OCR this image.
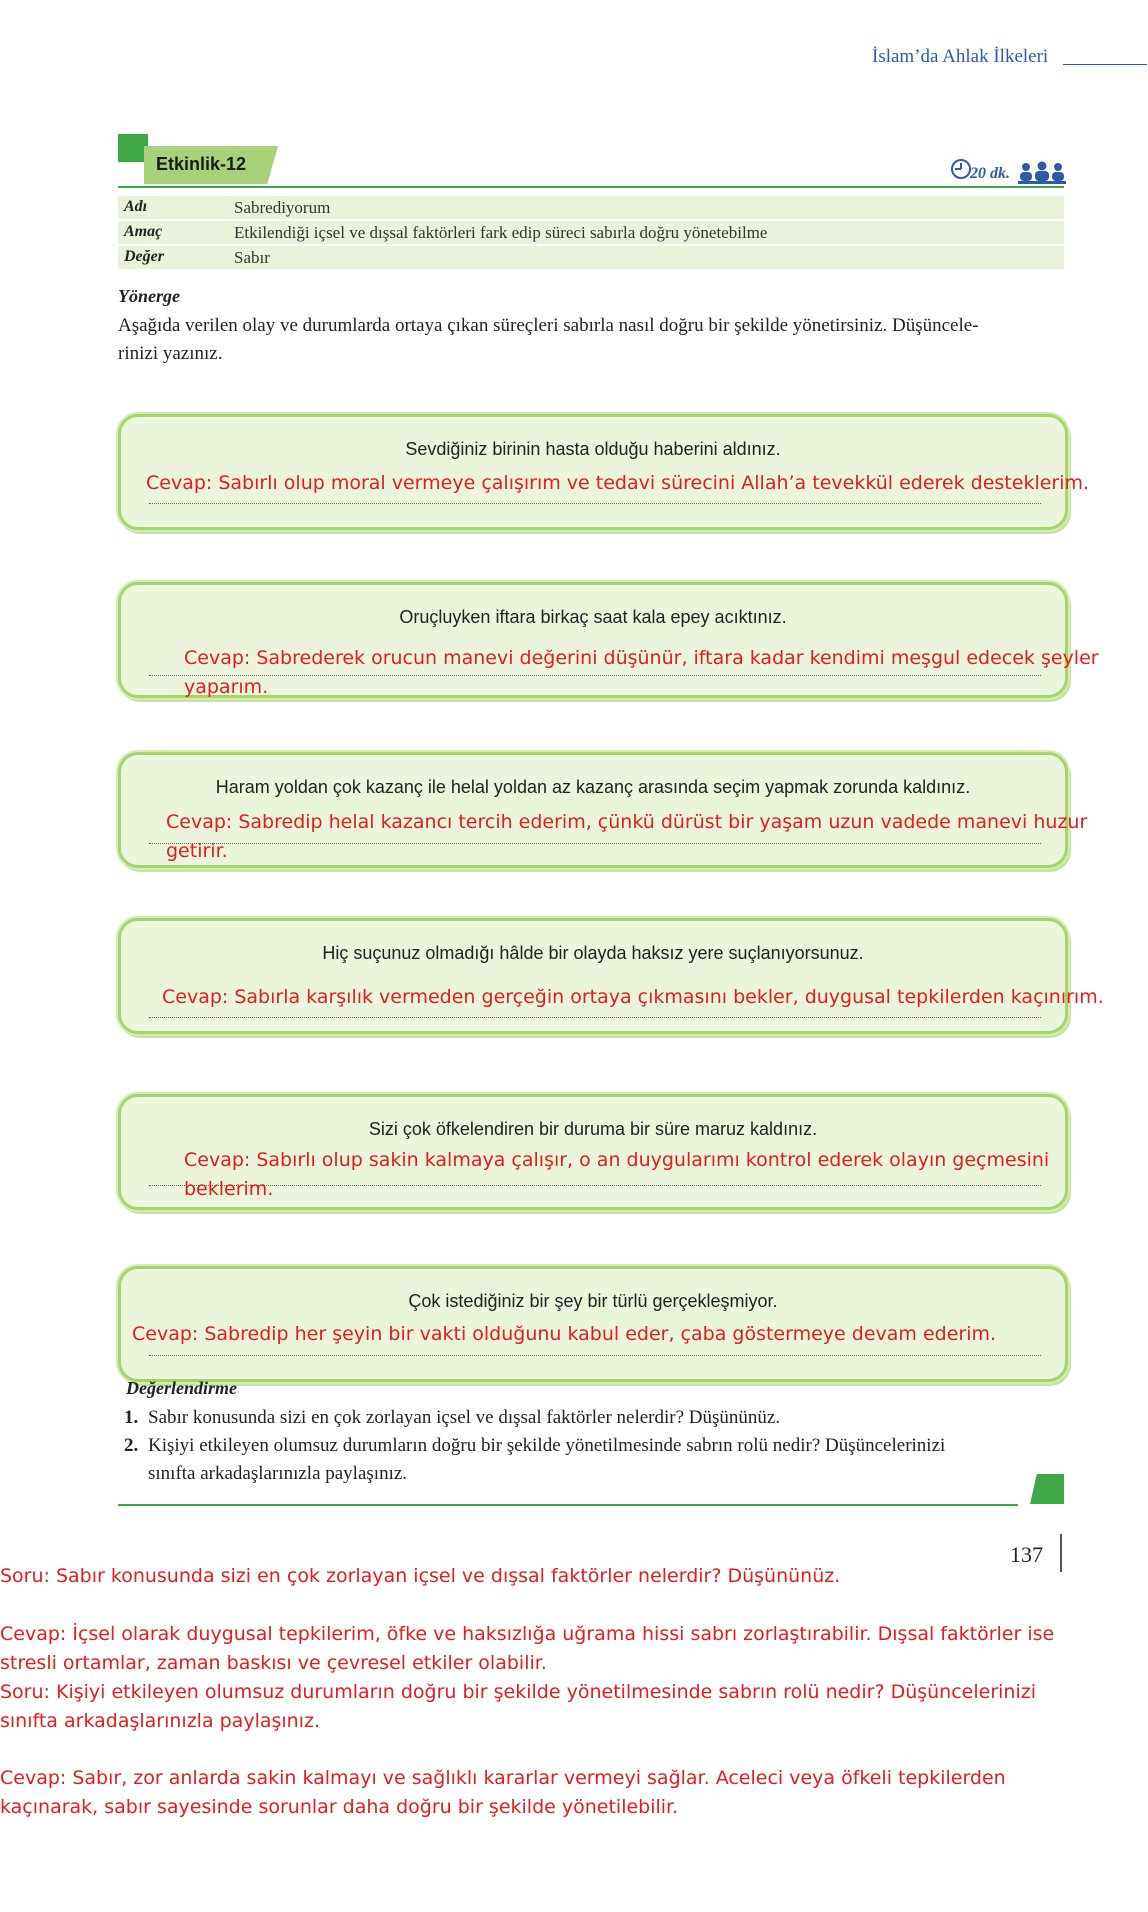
İslam’da Ahlak İlkeleri
Etkinlik-12	20 dk.
Adı	Sabrediyorum
Amaç	Etkilendiği içsel ve dışsal faktörleri fark edip süreci sabırla doğru yönetebilme
Değer	Sabır
Yönerge
Aşağıda verilen olay ve durumlarda ortaya çıkan süreçleri sabırla nasıl doğru bir şekilde yönetirsiniz. Düşüncele-
rinizi yazınız.
Sevdiğiniz birinin hasta olduğu haberini aldınız.
Cevap: Sabırlı olup moral vermeye çalışırım ve tedavi sürecini Allah’a tevekkül ederek desteklerim.
Oruçluyken iftara birkaç saat kala epey acıktınız.
Cevap: Sabrederek orucun manevi değerini düşünür, iftara kadar kendimi meşgul edecek şeyler
yaparım.
Haram yoldan çok kazanç ile helal yoldan az kazanç arasında seçim yapmak zorunda kaldınız.
Cevap: Sabredip helal kazancı tercih ederim, çünkü dürüst bir yaşam uzun vadede manevi huzur
getirir.
Hiç suçunuz olmadığı hâlde bir olayda haksız yere suçlanıyorsunuz.
Cevap: Sabırla karşılık vermeden gerçeğin ortaya çıkmasını bekler, duygusal tepkilerden kaçınırım.
Sizi çok öfkelendiren bir duruma bir süre maruz kaldınız.
Cevap: Sabırlı olup sakin kalmaya çalışır, o an duygularımı kontrol ederek olayın geçmesini
beklerim.
Çok istediğiniz bir şey bir türlü gerçekleşmiyor.
Cevap: Sabredip her şeyin bir vakti olduğunu kabul eder, çaba göstermeye devam ederim.
Değerlendirme
1. Sabır konusunda sizi en çok zorlayan içsel ve dışsal faktörler nelerdir? Düşününüz.
2. Kişiyi etkileyen olumsuz durumların doğru bir şekilde yönetilmesinde sabrın rolü nedir? Düşüncelerinizi
sınıfta arkadaşlarınızla paylaşınız.
137
Soru: Sabır konusunda sizi en çok zorlayan içsel ve dışsal faktörler nelerdir? Düşününüz.
Cevap: İçsel olarak duygusal tepkilerim, öfke ve haksızlığa uğrama hissi sabrı zorlaştırabilir. Dışsal faktörler ise
stresli ortamlar, zaman baskısı ve çevresel etkiler olabilir.
Soru: Kişiyi etkileyen olumsuz durumların doğru bir şekilde yönetilmesinde sabrın rolü nedir? Düşüncelerinizi
sınıfta arkadaşlarınızla paylaşınız.
Cevap: Sabır, zor anlarda sakin kalmayı ve sağlıklı kararlar vermeyi sağlar. Aceleci veya öfkeli tepkilerden
kaçınarak, sabır sayesinde sorunlar daha doğru bir şekilde yönetilebilir.
